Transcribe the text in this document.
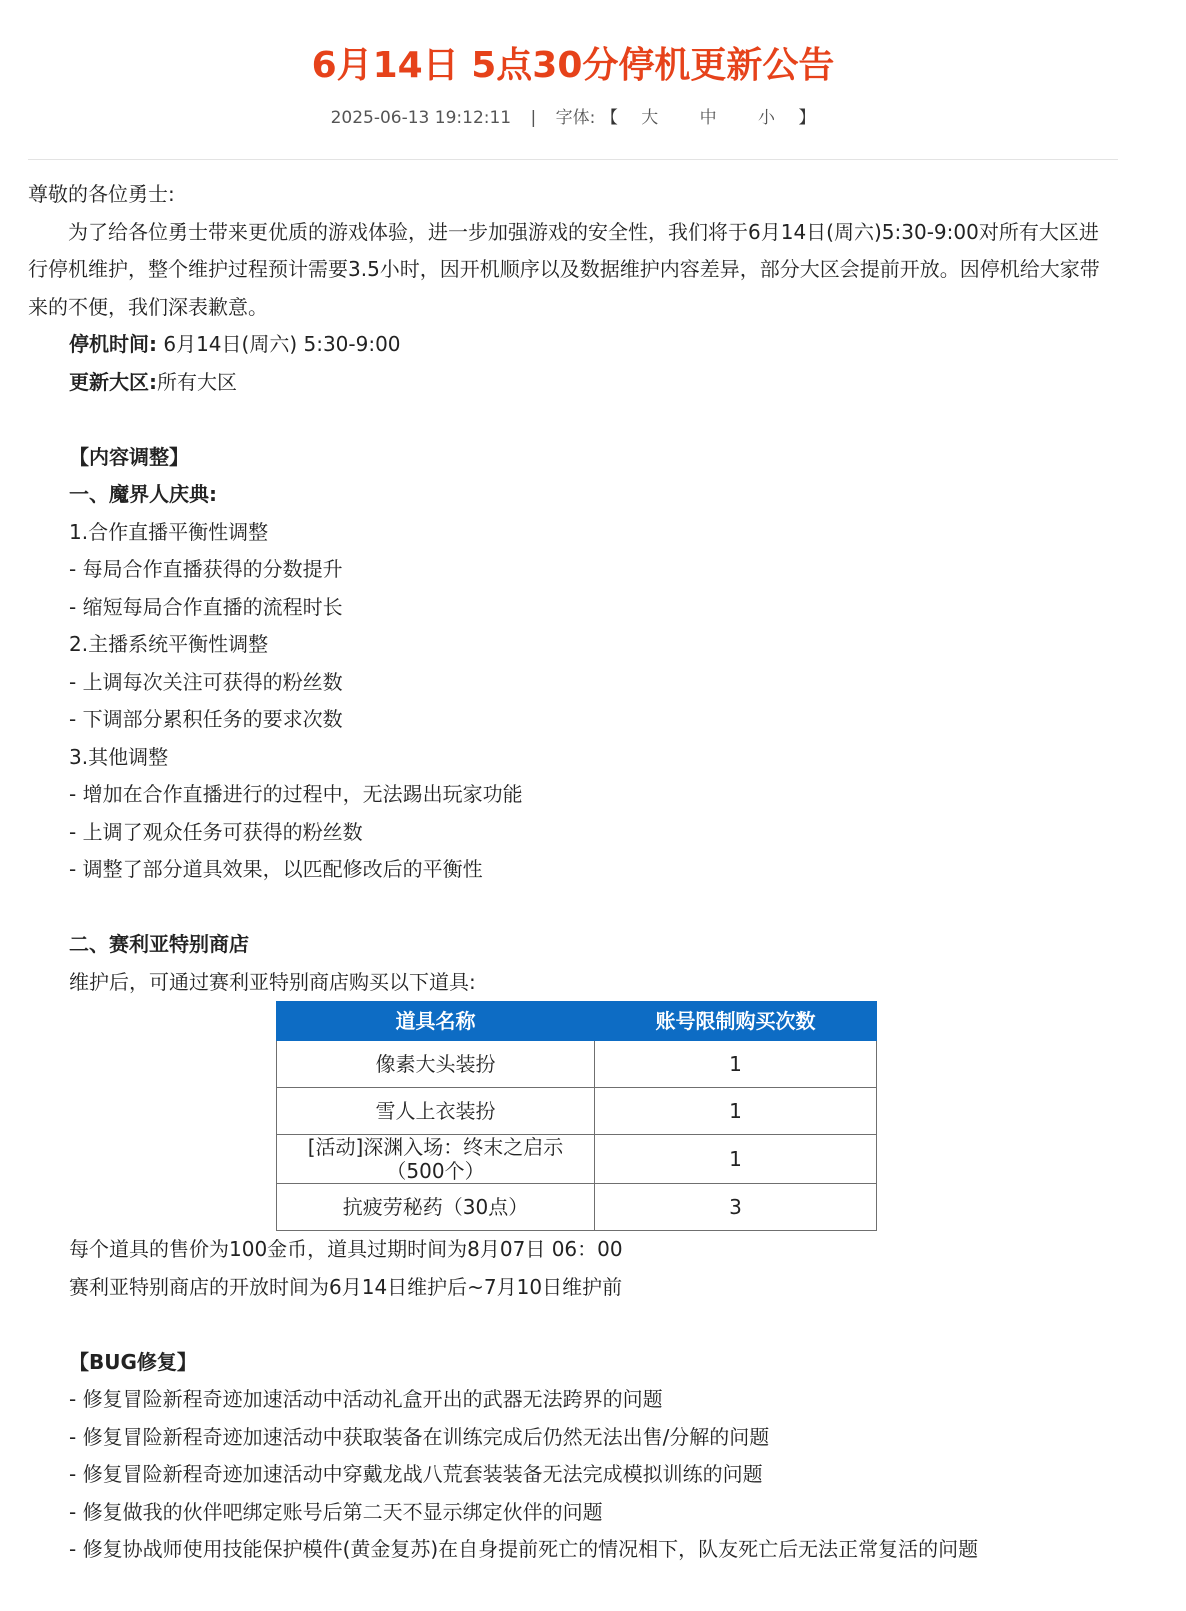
6月14日 5点30分停机更新公告
2025-06-13 19:12:11 | 字体: 【 大 中 小 】

尊敬的各位勇士:

为了给各位勇士带来更优质的游戏体验，进一步加强游戏的安全性，我们将于6月14日(周六)5:30-9:00对所有大区进行停机维护，整个维护过程预计需要3.5小时，因开机顺序以及数据维护内容差异，部分大区会提前开放。因停机给大家带来的不便，我们深表歉意。

停机时间: 6月14日(周六) 5:30-9:00

更新大区:所有大区

【内容调整】

一、魔界人庆典:

1.合作直播平衡性调整

- 每局合作直播获得的分数提升

- 缩短每局合作直播的流程时长

2.主播系统平衡性调整

- 上调每次关注可获得的粉丝数

- 下调部分累积任务的要求次数

3.其他调整

- 增加在合作直播进行的过程中，无法踢出玩家功能

- 上调了观众任务可获得的粉丝数

- 调整了部分道具效果，以匹配修改后的平衡性

二、赛利亚特别商店

维护后，可通过赛利亚特别商店购买以下道具:

道具名称	账号限制购买次数
像素大头装扮	1
雪人上衣装扮	1
[活动]深渊入场：终末之启示（500个）	1
抗疲劳秘药（30点）	3

每个道具的售价为100金币，道具过期时间为8月07日 06：00

赛利亚特别商店的开放时间为6月14日维护后~7月10日维护前

【BUG修复】

- 修复冒险新程奇迹加速活动中活动礼盒开出的武器无法跨界的问题

- 修复冒险新程奇迹加速活动中获取装备在训练完成后仍然无法出售/分解的问题

- 修复冒险新程奇迹加速活动中穿戴龙战八荒套装装备无法完成模拟训练的问题

- 修复做我的伙伴吧绑定账号后第二天不显示绑定伙伴的问题

- 修复协战师使用技能保护模件(黄金复苏)在自身提前死亡的情况相下，队友死亡后无法正常复活的问题
